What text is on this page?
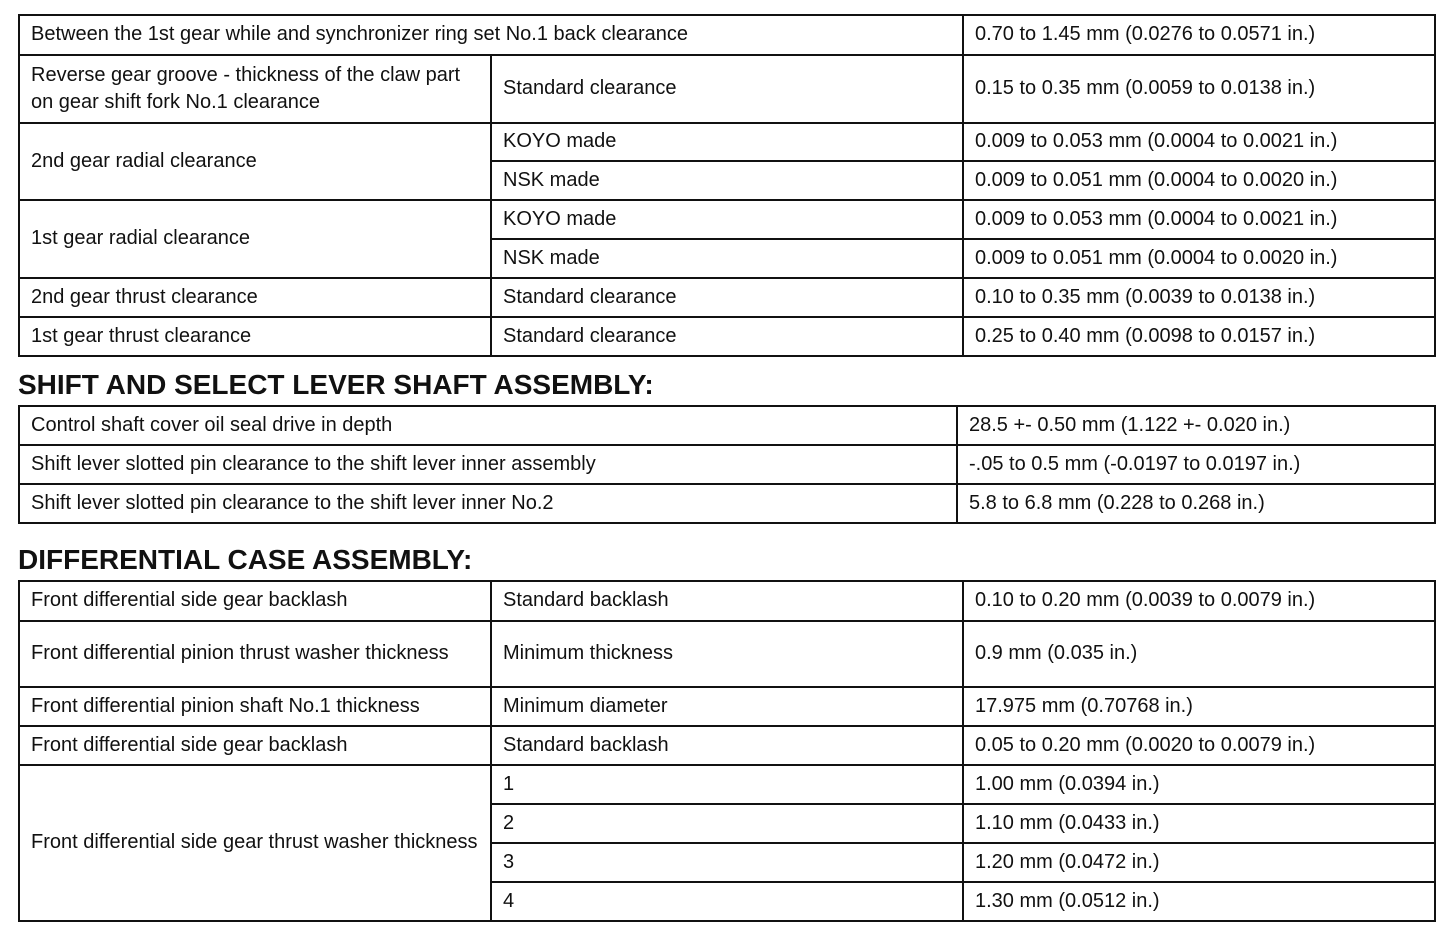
Between the 1st gear while and synchronizer ring set No.1 back clearance		0.70 to 1.45 mm (0.0276 to 0.0571 in.)
Reverse gear groove - thickness of the claw part on gear shift fork No.1 clearance	Standard clearance	0.15 to 0.35 mm (0.0059 to 0.0138 in.)
2nd gear radial clearance	KOYO made	0.009 to 0.053 mm (0.0004 to 0.0021 in.)
	NSK made	0.009 to 0.051 mm (0.0004 to 0.0020 in.)
1st gear radial clearance	KOYO made	0.009 to 0.053 mm (0.0004 to 0.0021 in.)
	NSK made	0.009 to 0.051 mm (0.0004 to 0.0020 in.)
2nd gear thrust clearance	Standard clearance	0.10 to 0.35 mm (0.0039 to 0.0138 in.)
1st gear thrust clearance	Standard clearance	0.25 to 0.40 mm (0.0098 to 0.0157 in.)
SHIFT AND SELECT LEVER SHAFT ASSEMBLY:
Control shaft cover oil seal drive in depth	28.5 +- 0.50 mm (1.122 +- 0.020 in.)
Shift lever slotted pin clearance to the shift lever inner assembly	-.05 to 0.5 mm (-0.0197 to 0.0197 in.)
Shift lever slotted pin clearance to the shift lever inner No.2	5.8 to 6.8 mm (0.228 to 0.268 in.)
DIFFERENTIAL CASE ASSEMBLY:
Front differential side gear backlash	Standard backlash	0.10 to 0.20 mm (0.0039 to 0.0079 in.)
Front differential pinion thrust washer thickness	Minimum thickness	0.9 mm (0.035 in.)
Front differential pinion shaft No.1 thickness	Minimum diameter	17.975 mm (0.70768 in.)
Front differential side gear backlash	Standard backlash	0.05 to 0.20 mm (0.0020 to 0.0079 in.)
Front differential side gear thrust washer thickness	1	1.00 mm (0.0394 in.)
	2	1.10 mm (0.0433 in.)
	3	1.20 mm (0.0472 in.)
	4	1.30 mm (0.0512 in.)
